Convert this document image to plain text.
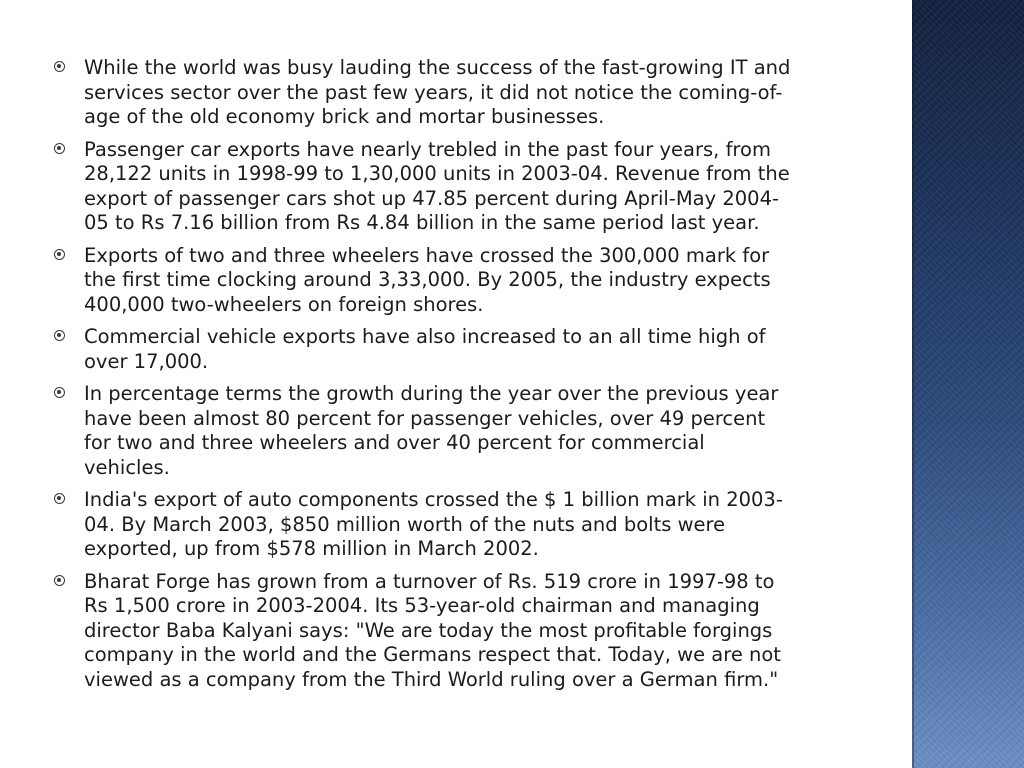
While the world was busy lauding the success of the fast-growing IT and
services sector over the past few years, it did not notice the coming-of-
age of the old economy brick and mortar businesses.
Passenger car exports have nearly trebled in the past four years, from
28,122 units in 1998-99 to 1,30,000 units in 2003-04. Revenue from the
export of passenger cars shot up 47.85 percent during April-May 2004-
05 to Rs 7.16 billion from Rs 4.84 billion in the same period last year.
Exports of two and three wheelers have crossed the 300,000 mark for
the first time clocking around 3,33,000. By 2005, the industry expects
400,000 two-wheelers on foreign shores.
Commercial vehicle exports have also increased to an all time high of
over 17,000.
In percentage terms the growth during the year over the previous year
have been almost 80 percent for passenger vehicles, over 49 percent
for two and three wheelers and over 40 percent for commercial
vehicles.
India's export of auto components crossed the $ 1 billion mark in 2003-
04. By March 2003, $850 million worth of the nuts and bolts were
exported, up from $578 million in March 2002.
Bharat Forge has grown from a turnover of Rs. 519 crore in 1997-98 to
Rs 1,500 crore in 2003-2004. Its 53-year-old chairman and managing
director Baba Kalyani says: "We are today the most profitable forgings
company in the world and the Germans respect that. Today, we are not
viewed as a company from the Third World ruling over a German firm."
